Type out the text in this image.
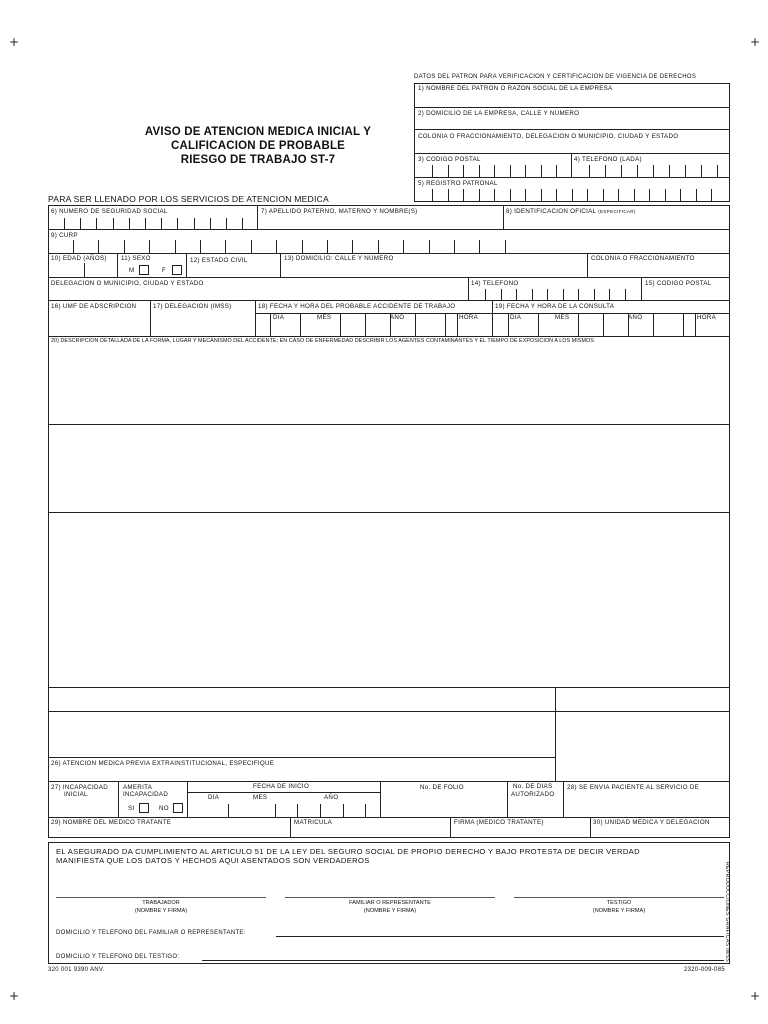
+	+
+	+
DATOS DEL PATRON PARA VERIFICACION Y CERTIFICACION DE VIGENCIA DE DERECHOS
1) NOMBRE DEL PATRON O RAZON SOCIAL DE LA EMPRESA
2) DOMICILIO DE LA EMPRESA, CALLE Y NUMERO
COLONIA O FRACCIONAMIENTO, DELEGACION O MUNICIPIO, CIUDAD Y ESTADO
3) CODIGO POSTAL	4) TELEFONO (LADA)
5) REGISTRO PATRONAL
AVISO DE ATENCION MEDICA INICIAL Y
CALIFICACION DE PROBABLE
RIESGO DE TRABAJO ST-7
PARA SER LLENADO POR LOS SERVICIOS DE ATENCION MEDICA
6) NUMERO DE SEGURIDAD SOCIAL	7) APELLIDO PATERNO, MATERNO Y NOMBRE(S)	8) IDENTIFICACION OFICIAL (ESPECIFICAR)
9) CURP
10) EDAD (AÑOS) 11) SEXO
M	F
12) ESTADO CIVIL	13) DOMICILIO: CALLE Y NUMERO	COLONIA O FRACCIONAMIENTO
DELEGACION O MUNICIPIO, CIUDAD Y ESTADO	14) TELEFONO	15) CODIGO POSTAL
16) UMF DE ADSCRIPCION	17) DELEGACION (IMSS)	18) FECHA Y HORA DEL PROBABLE ACCIDENTE DE TRABAJO	19) FECHA Y HORA DE LA CONSULTA
DIA	MES	AÑO	HORA	DIA	MES	AÑO	HORA
20) DESCRIPCION DETALLADA DE LA FORMA, LUGAR Y MECANISMO DEL ACCIDENTE; EN CASO DE ENFERMEDAD DESCRIBIR LOS AGENTES CONTAMINANTES Y EL TIEMPO DE EXPOSICION A LOS MISMOS
26) ATENCION MEDICA PREVIA EXTRAINSTITUCIONAL, ESPECIFIQUE
27) INCAPACIDAD
INICIAL
AMERITA
INCAPACIDAD
SI	NO
FECHA DE INICIO
DIA	MES	AÑO
No. DE FOLIO	No. DE DIAS
AUTORIZADO
28) SE ENVIA PACIENTE AL SERVICIO DE
29) NOMBRE DEL MEDICO TRATANTE	MATRICULA	FIRMA (MEDICO TRATANTE)	30) UNIDAD MEDICA Y DELEGACION
EL ASEGURADO DA CUMPLIMIENTO AL ARTICULO 51 DE LA LEY DEL SEGURO SOCIAL DE PROPIO DERECHO Y BAJO PROTESTA DE DECIR VERDAD
MANIFIESTA QUE LOS DATOS Y HECHOS AQUI ASENTADOS SON VERDADEROS
TRABAJADOR
(NOMBRE Y FIRMA)
FAMILIAR O REPRESENTANTE
(NOMBRE Y FIRMA)
TESTIGO
(NOMBRE Y FIRMA)
DOMICILIO Y TELEFONO DEL FAMILIAR O REPRESENTANTE:
DOMICILIO Y TELEFONO DEL TESTIGO:	REPRODUCCIONES GRAFICAS IMSS
320 001 9390 ANV.	2320-009-085
